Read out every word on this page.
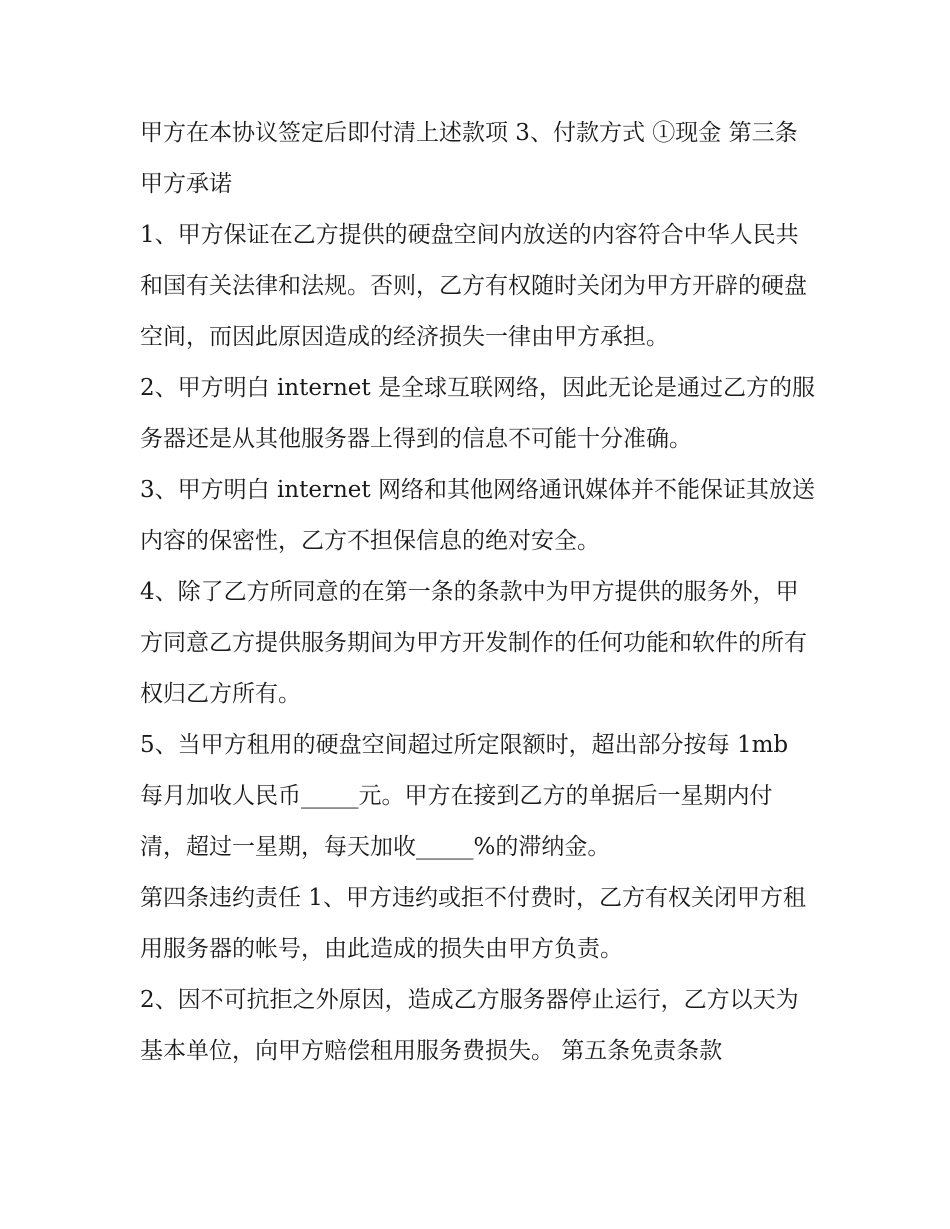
甲方在本协议签定后即付清上述款项 3、付款方式 ①现金 第三条甲方承诺

1、甲方保证在乙方提供的硬盘空间内放送的内容符合中华人民共和国有关法律和法规。否则，乙方有权随时关闭为甲方开辟的硬盘空间，而因此原因造成的经济损失一律由甲方承担。

2、甲方明白 internet 是全球互联网络，因此无论是通过乙方的服务器还是从其他服务器上得到的信息不可能十分准确。

3、甲方明白 internet 网络和其他网络通讯媒体并不能保证其放送内容的保密性，乙方不担保信息的绝对安全。

4、除了乙方所同意的在第一条的条款中为甲方提供的服务外，甲方同意乙方提供服务期间为甲方开发制作的任何功能和软件的所有权归乙方所有。

5、当甲方租用的硬盘空间超过所定限额时，超出部分按每 1mb 每月加收人民币_____元。甲方在接到乙方的单据后一星期内付清，超过一星期，每天加收_____%的滞纳金。

第四条违约责任 1、甲方违约或拒不付费时，乙方有权关闭甲方租用服务器的帐号，由此造成的损失由甲方负责。

2、因不可抗拒之外原因，造成乙方服务器停止运行，乙方以天为基本单位，向甲方赔偿租用服务费损失。 第五条免责条款
